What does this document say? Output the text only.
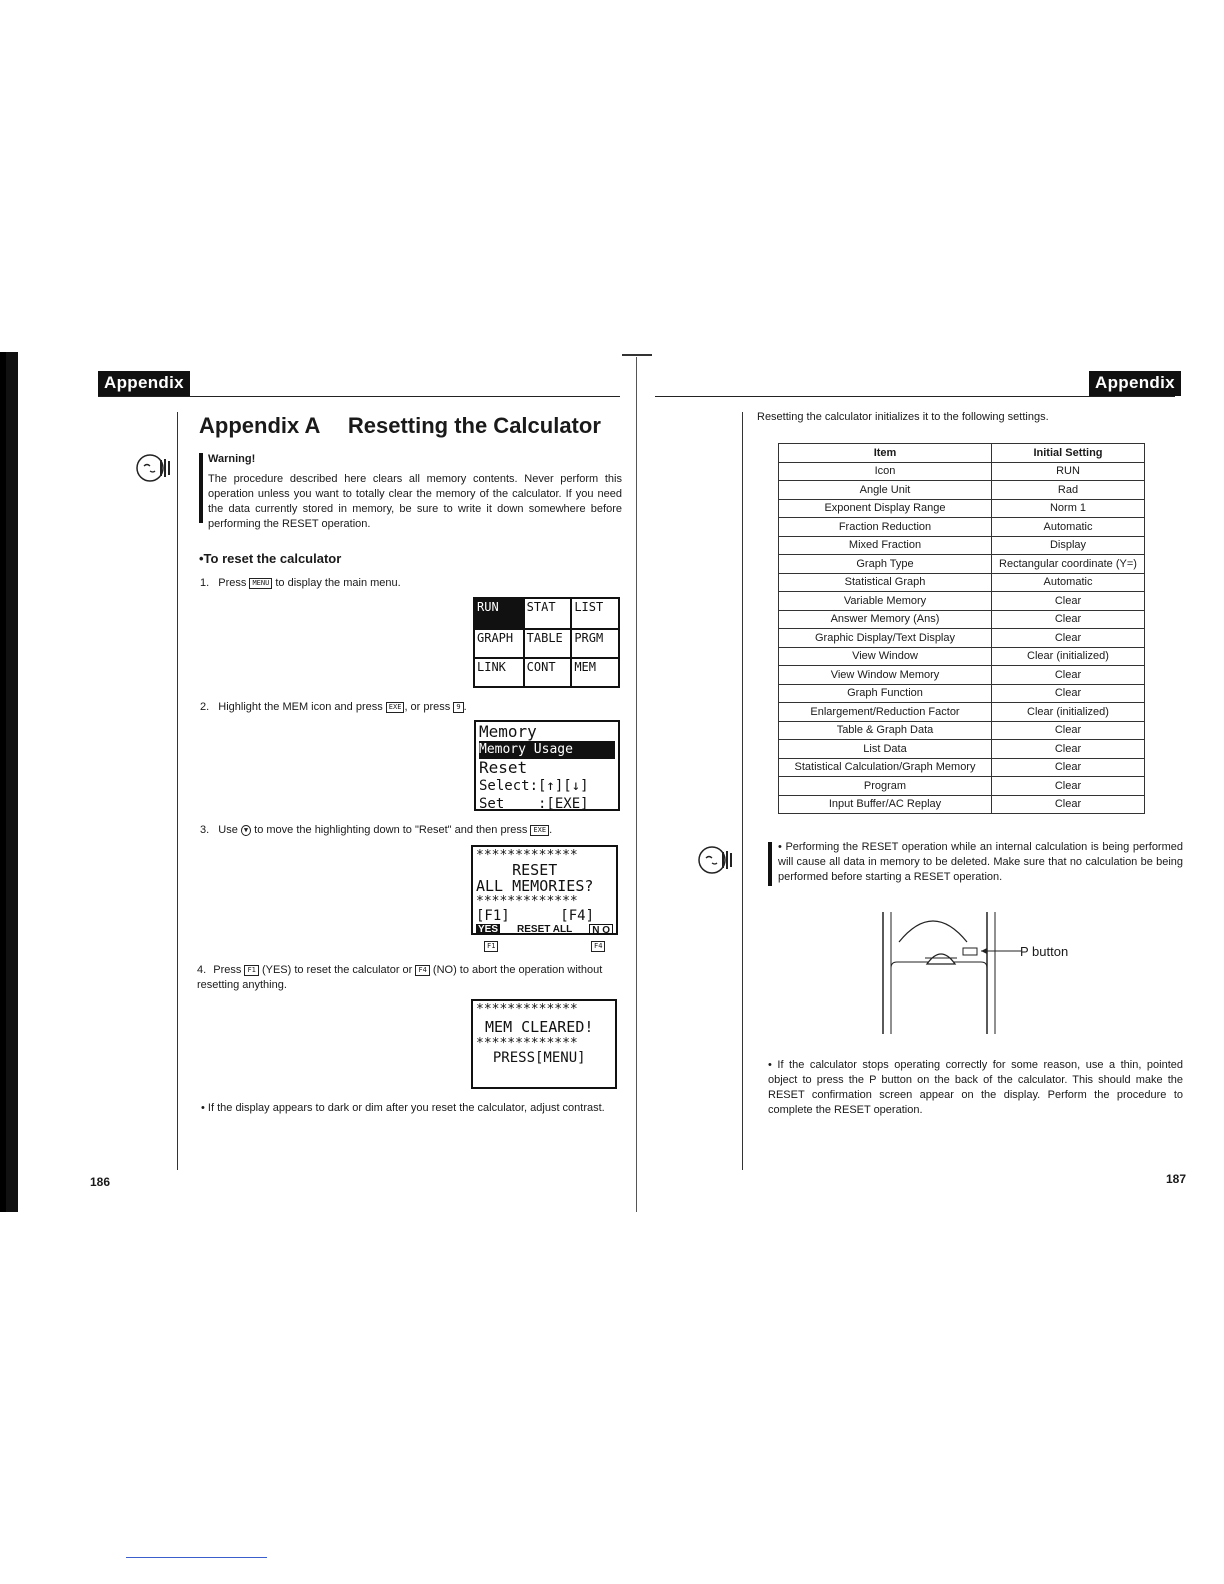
Appendix
Appendix A Resetting the Calculator
Warning!
The procedure described here clears all memory contents. Never perform this operation unless you want to totally clear the memory of the calculator. If you need the data currently stored in memory, be sure to write it down somewhere before performing the RESET operation.
•To reset the calculator
1. Press MENU to display the main menu.
RUN	STAT	LIST
GRAPH	TABLE PRGM
LINK	CONT	MEM
2. Highlight the MEM icon and press EXE , or press 9 .
Memory
Memory Usage
Reset
Select:[↑][↓]
Set    :[EXE]
3. Use ▼ to move the highlighting down to "Reset" and then press EXE .
*************
RESET
ALL MEMORIES?
*************
[F1]      [F4]
YES RESET ALL	N O
F1	F4
4. Press F1 (YES) to reset the calculator or F4 (NO) to abort the operation without resetting anything.
*************
MEM CLEARED!
*************
PRESS[MENU]
• If the display appears to dark or dim after you reset the calculator, adjust contrast.
186
Appendix
Resetting the calculator initializes it to the following settings.
Item	Initial Setting
Icon	RUN
Angle Unit	Rad
Exponent Display Range	Norm 1
Fraction Reduction	Automatic
Mixed Fraction	Display
Graph Type	Rectangular coordinate (Y=)
Statistical Graph	Automatic
Variable Memory	Clear
Answer Memory (Ans)	Clear
Graphic Display/Text Display	Clear
View Window	Clear (initialized)
View Window Memory	Clear
Graph Function	Clear
Enlargement/Reduction Factor	Clear (initialized)
Table & Graph Data	Clear
List Data	Clear
Statistical Calculation/Graph Memory	Clear
Program	Clear
Input Buffer/AC Replay	Clear
• Performing the RESET operation while an internal calculation is being performed will cause all data in memory to be deleted. Make sure that no calculation be being performed before starting a RESET operation.
P button
• If the calculator stops operating correctly for some reason, use a thin, pointed object to press the P button on the back of the calculator. This should make the RESET confirmation screen appear on the display. Perform the procedure to complete the RESET operation.
187
